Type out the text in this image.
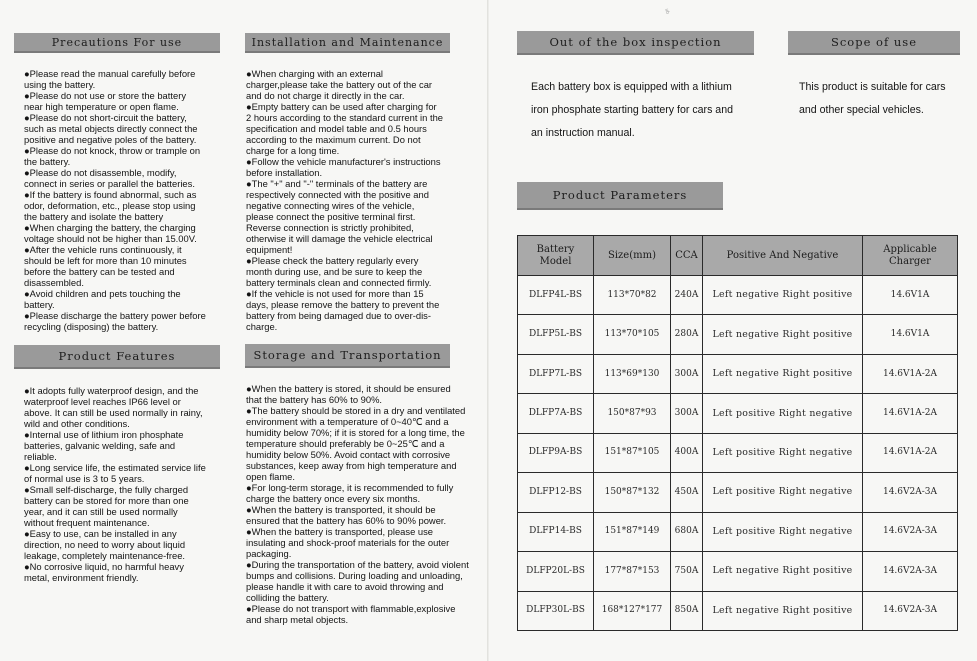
Precautions For use

●Please read the manual carefully before

using the battery.

●Please do not use or store the battery

near high temperature or open flame.

●Please do not short-circuit the battery,

such as metal objects directly connect the

positive and negative poles of the battery.

●Please do not knock, throw or trample on

the battery.

●Please do not disassemble, modify,

connect in series or parallel the batteries.

●If the battery is found abnormal, such as

odor, deformation, etc., please stop using

the battery and isolate the battery

●When charging the battery, the charging

voltage should not be higher than 15.00V.

●After the vehicle runs continuously, it

should be left for more than 10 minutes

before the battery can be tested and

disassembled.

●Avoid children and pets touching the

battery.

●Please discharge the battery power before

recycling (disposing) the battery.

Installation and Maintenance

●When charging with an external

charger,please take the battery out of the car

and do not charge it directly in the car.

●Empty battery can be used after charging for

2 hours according to the standard current in the

specification and model table and 0.5 hours

according to the maximum current. Do not

charge for a long time.

●Follow the vehicle manufacturer's instructions

before installation.

●The "+" and "-" terminals of the battery are

respectively connected with the positive and

negative connecting wires of the vehicle,

please connect the positive terminal first.

Reverse connection is strictly prohibited,

otherwise it will damage the vehicle electrical

equipment!

●Please check the battery regularly every

month during use, and be sure to keep the

battery terminals clean and connected firmly.

●If the vehicle is not used for more than 15

days, please remove the battery to prevent the

battery from being damaged due to over-dis-

charge.

Product Features

●It adopts fully waterproof design, and the

waterproof level reaches IP66 level or

above. It can still be used normally in rainy,

wild and other conditions.

●Internal use of lithium iron phosphate

batteries, galvanic welding, safe and

reliable.

●Long service life, the estimated service life

of normal use is 3 to 5 years.

●Small self-discharge, the fully charged

battery can be stored for more than one

year, and it can still be used normally

without frequent maintenance.

●Easy to use, can be installed in any

direction, no need to worry about liquid

leakage, completely maintenance-free.

●No corrosive liquid, no harmful heavy

metal, environment friendly.

Storage and Transportation

●When the battery is stored, it should be ensured

that the battery has 60% to 90%.

●The battery should be stored in a dry and ventilated

environment with a temperature of 0~40℃ and a

humidity below 70%; if it is stored for a long time, the

temperature should preferably be 0~25℃ and a

humidity below 50%. Avoid contact with corrosive

substances, keep away from high temperature and

open flame.

●For long-term storage, it is recommended to fully

charge the battery once every six months.

●When the battery is transported, it should be

ensured that the battery has 60% to 90% power.

●When the battery is transported, please use

insulating and shock-proof materials for the outer

packaging.

●During the transportation of the battery, avoid violent

bumps and collisions. During loading and unloading,

please handle it with care to avoid throwing and

colliding the battery.

●Please do not transport with flammable,explosive

and sharp metal objects.

ᵘᵇ
Out of the box inspection

Each battery box is equipped with a lithium

iron phosphate starting battery for cars and

an instruction manual.

Scope of use

This product is suitable for cars

and other special vehicles.

Product Parameters
Battery Model	Size(mm)	CCA	Positive And Negative	Applicable Charger
DLFP4L-BS	113*70*82	240A	Left negative Right positive	14.6V1A
DLFP5L-BS	113*70*105	280A	Left negative Right positive	14.6V1A
DLFP7L-BS	113*69*130	300A	Left negative Right positive	14.6V1A-2A
DLFP7A-BS	150*87*93	300A	Left positive Right negative	14.6V1A-2A
DLFP9A-BS	151*87*105	400A	Left positive Right negative	14.6V1A-2A
DLFP12-BS	150*87*132	450A	Left positive Right negative	14.6V2A-3A
DLFP14-BS	151*87*149	680A	Left positive Right negative	14.6V2A-3A
DLFP20L-BS	177*87*153	750A	Left negative Right positive	14.6V2A-3A
DLFP30L-BS	168*127*177	850A	Left negative Right positive	14.6V2A-3A
